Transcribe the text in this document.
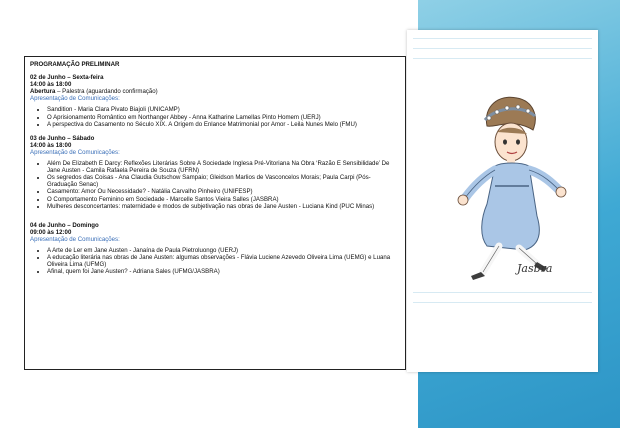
Jasbra
PROGRAMAÇÃO PRELIMINAR
02 de Junho – Sexta-feira
14:00 às 18:00
Abertura – Palestra (aguardando confirmação)
Apresentação de Comunicações:
• Sandition - Maria Clara Pivato Biajoli (UNICAMP)
• O Aprisionamento Romântico em Northanger Abbey - Anna Katharine Lamellas Pinto Homem (UERJ)
• A perspectiva do Casamento no Século XIX. A Origem do Enlance Matrimonial por Amor - Leila Nunes Melo (FMU)
03 de Junho – Sábado
14:00 às 18:00
Apresentação de Comunicações:
• Além De Elizabeth E Darcy: Reflexões Literárias Sobre A Sociedade Inglesa Pré-Vitoriana Na Obra ‘Razão E Sensibilidade’ De Jane Austen - Camila Rafaela Pereira de Souza (UFRN)
• Os segredos das Coisas - Ana Claudia Gutschow Sampaio; Gleidson Marlios de Vasconcelos Morais; Paula Carpi (Pós-Graduação Senac)
• Casamento: Amor Ou Necessidade? - Natália Carvalho Pinheiro (UNIFESP)
• O Comportamento Feminino em Sociedade - Marcelle Santos Vieira Salles (JASBRA)
• Mulheres desconcertantes: maternidade e modos de subjetivação nas obras de Jane Austen - Luciana Kind (PUC Minas)
04 de Junho – Domingo
09:00 às 12:00
Apresentação de Comunicações:
• A Arte de Ler em Jane Austen - Janaína de Paula Pietroluongo (UERJ)
• A educação literária nas obras de Jane Austen: algumas observações - Flávia Luciene Azevedo Oliveira Lima (UEMG) e Luana Oliveira Lima (UFMG)
• Afinal, quem foi Jane Austen? - Adriana Sales (UFMG/JASBRA)
